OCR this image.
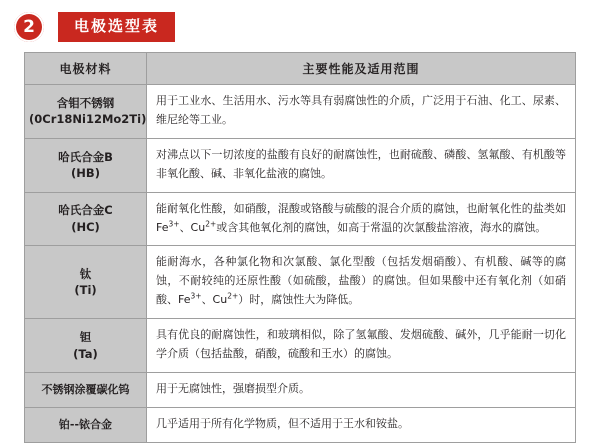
2	电极选型表
电极材料	主要性能及适用范围

含钼不锈钢
(0Cr18Ni12Mo2Ti)	用于工业水、生活用水、污水等具有弱腐蚀性的介质，广泛用于石油、化工、尿素、维尼纶等工业。

哈氏合金B
(HB)	对沸点以下一切浓度的盐酸有良好的耐腐蚀性，也耐硫酸、磷酸、氢氟酸、有机酸等非氧化酸、碱、非氧化盐液的腐蚀。

哈氏合金C
(HC)	能耐氧化性酸，如硝酸，混酸或铬酸与硫酸的混合介质的腐蚀，也耐氧化性的盐类如$Fe^{3+}$、$Cu^{2+}$或含其他氧化剂的腐蚀，如高于常温的次氯酸盐溶液，海水的腐蚀。

钛
(Ti)	能耐海水，各种氯化物和次氯酸、氯化型酸（包括发烟硝酸）、有机酸、碱等的腐蚀，不耐较纯的还原性酸（如硫酸，盐酸）的腐蚀。但如果酸中还有氧化剂（如硝酸、$Fe^{3+}$、$Cu^{2+}$）时，腐蚀性大为降低。

钽
(Ta)	具有优良的耐腐蚀性，和玻璃相似，除了氢氟酸、发烟硫酸、碱外，几乎能耐一切化学介质（包括盐酸，硝酸，硫酸和王水）的腐蚀。

不锈钢涂覆碳化钨	用于无腐蚀性，强磨损型介质。

铂--铱合金	几乎适用于所有化学物质，但不适用于王水和铵盐。
